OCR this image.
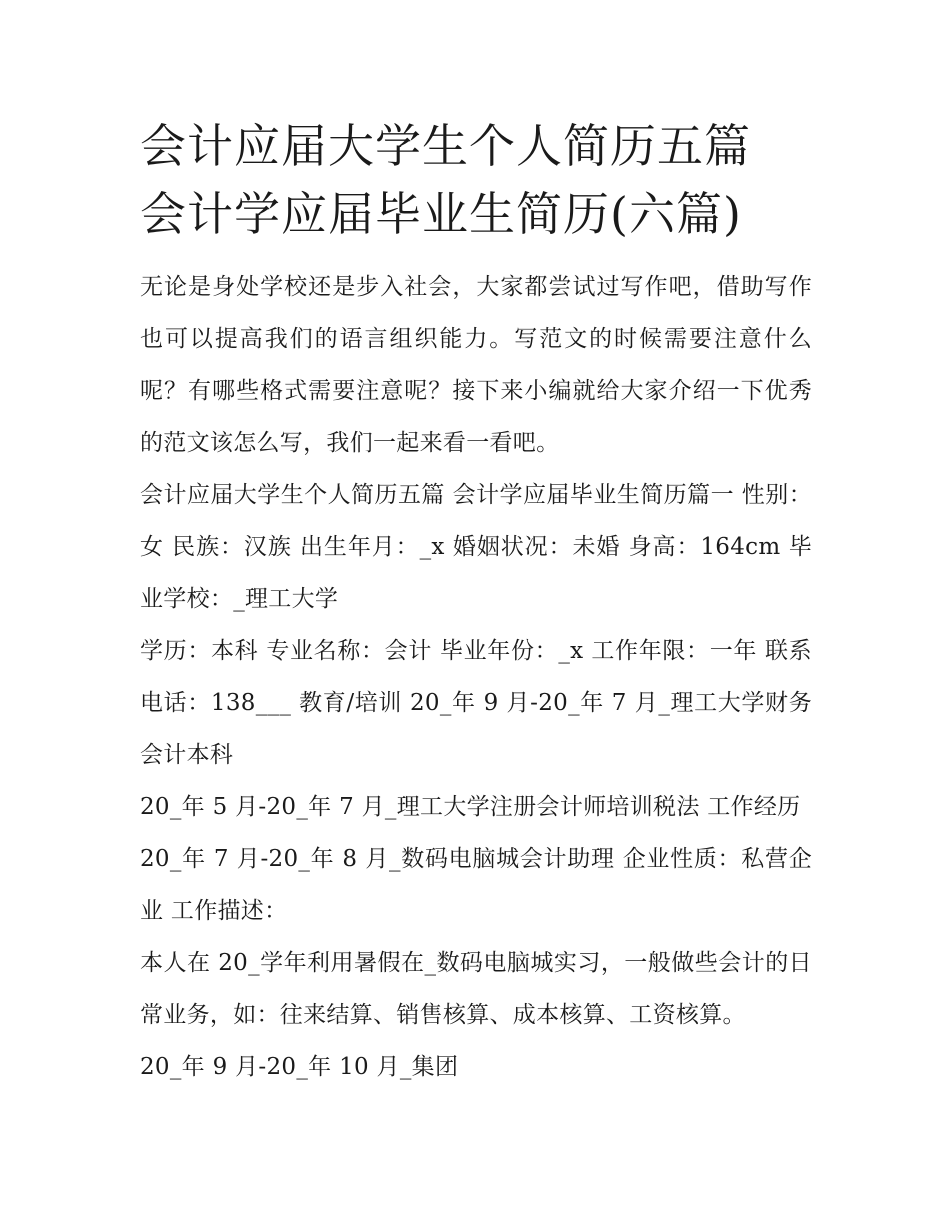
会计应届大学生个人简历五篇
会计学应届毕业生简历(六篇)

无论是身处学校还是步入社会，大家都尝试过写作吧，借助写作也可以提高我们的语言组织能力。写范文的时候需要注意什么呢？有哪些格式需要注意呢？接下来小编就给大家介绍一下优秀的范文该怎么写，我们一起来看一看吧。

会计应届大学生个人简历五篇 会计学应届毕业生简历篇一 性别：女 民族：汉族 出生年月：_x 婚姻状况：未婚 身高：164cm 毕业学校：_理工大学

学历：本科 专业名称：会计 毕业年份：_x 工作年限：一年 联系电话：138___ 教育/培训 20_年 9 月-20_年 7 月_理工大学财务会计本科

20_年 5 月-20_年 7 月_理工大学注册会计师培训税法 工作经历

20_年 7 月-20_年 8 月_数码电脑城会计助理 企业性质：私营企业 工作描述：

本人在 20_学年利用暑假在_数码电脑城实习，一般做些会计的日常业务，如：往来结算、销售核算、成本核算、工资核算。

20_年 9 月-20_年 10 月_集团
